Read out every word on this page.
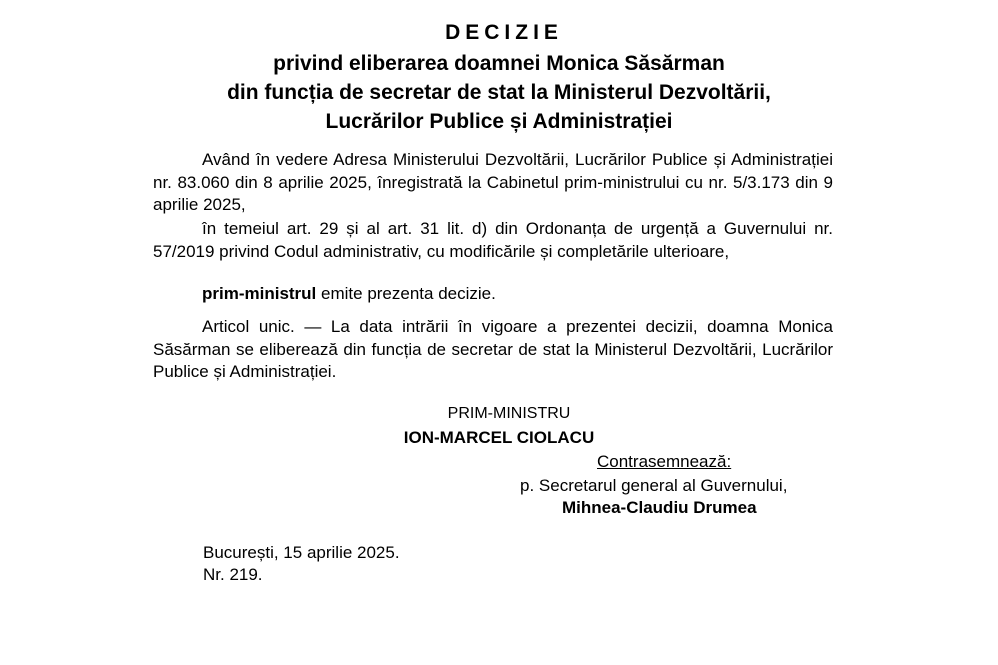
DECIZIE
privind eliberarea doamnei Monica Săsărman
din funcția de secretar de stat la Ministerul Dezvoltării,
Lucrărilor Publice și Administrației
Având în vedere Adresa Ministerului Dezvoltării, Lucrărilor Publice și Administrației nr. 83.060 din 8 aprilie 2025, înregistrată la Cabinetul prim-ministrului cu nr. 5/3.173 din 9 aprilie 2025,
în temeiul art. 29 și al art. 31 lit. d) din Ordonanța de urgență a Guvernului nr. 57/2019 privind Codul administrativ, cu modificările și completările ulterioare,
prim-ministrul emite prezenta decizie.
Articol unic. — La data intrării în vigoare a prezentei decizii, doamna Monica Săsărman se eliberează din funcția de secretar de stat la Ministerul Dezvoltării, Lucrărilor Publice și Administrației.
PRIM-MINISTRU
ION-MARCEL CIOLACU
Contrasemnează:
p. Secretarul general al Guvernului,
Mihnea-Claudiu Drumea
București, 15 aprilie 2025.
Nr. 219.
